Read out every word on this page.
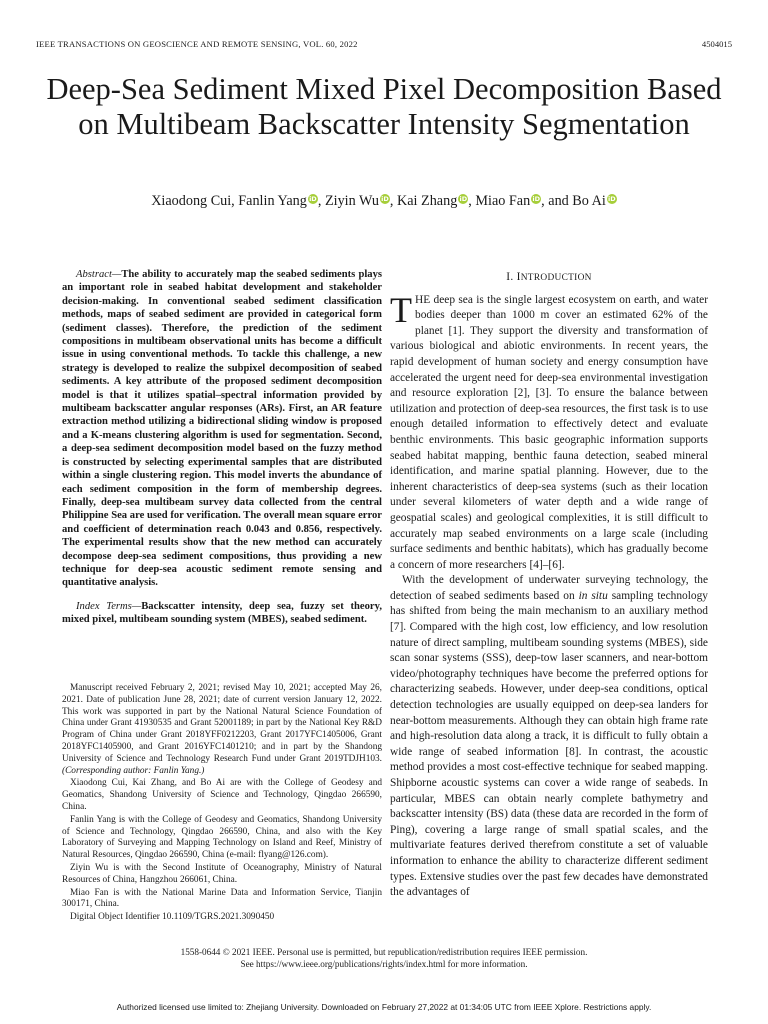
IEEE TRANSACTIONS ON GEOSCIENCE AND REMOTE SENSING, VOL. 60, 2022	4504015
Deep-Sea Sediment Mixed Pixel Decomposition Based on Multibeam Backscatter Intensity Segmentation
Xiaodong Cui, Fanlin Yang iD, Ziyin Wu iD, Kai Zhang iD, Miao Fan iD, and Bo Ai iD

Abstract—The ability to accurately map the seabed sediments plays an important role in seabed habitat development and stakeholder decision-making. In conventional seabed sediment classification methods, maps of seabed sediment are provided in categorical form (sediment classes). Therefore, the prediction of the sediment compositions in multibeam observational units has become a difficult issue in using conventional methods. To tackle this challenge, a new strategy is developed to realize the subpixel decomposition of seabed sediments. A key attribute of the proposed sediment decomposition model is that it utilizes spatial–spectral information provided by multibeam backscatter angular responses (ARs). First, an AR feature extraction method utilizing a bidirectional sliding window is proposed and a K-means clustering algorithm is used for segmentation. Second, a deep-sea sediment decomposition model based on the fuzzy method is constructed by selecting experimental samples that are distributed within a single clustering region. This model inverts the abundance of each sediment composition in the form of membership degrees. Finally, deep-sea multibeam survey data collected from the central Philippine Sea are used for verification. The overall mean square error and coefficient of determination reach 0.043 and 0.856, respectively. The experimental results show that the new method can accurately decompose deep-sea sediment compositions, thus providing a new technique for deep-sea acoustic sediment remote sensing and quantitative analysis.

Index Terms—Backscatter intensity, deep sea, fuzzy set theory, mixed pixel, multibeam sounding system (MBES), seabed sediment.

Manuscript received February 2, 2021; revised May 10, 2021; accepted May 26, 2021. Date of publication June 28, 2021; date of current version January 12, 2022. This work was supported in part by the National Natural Science Foundation of China under Grant 41930535 and Grant 52001189; in part by the National Key R&D Program of China under Grant 2018YFF0212203, Grant 2017YFC1405006, Grant 2018YFC1405900, and Grant 2016YFC1401210; and in part by the Shandong University of Science and Technology Research Fund under Grant 2019TDJH103. (Corresponding author: Fanlin Yang.)

Xiaodong Cui, Kai Zhang, and Bo Ai are with the College of Geodesy and Geomatics, Shandong University of Science and Technology, Qingdao 266590, China.

Fanlin Yang is with the College of Geodesy and Geomatics, Shandong University of Science and Technology, Qingdao 266590, China, and also with the Key Laboratory of Surveying and Mapping Technology on Island and Reef, Ministry of Natural Resources, Qingdao 266590, China (e-mail: flyang@126.com).

Ziyin Wu is with the Second Institute of Oceanography, Ministry of Natural Resources of China, Hangzhou 266061, China.

Miao Fan is with the National Marine Data and Information Service, Tianjin 300171, China.

Digital Object Identifier 10.1109/TGRS.2021.3090450

I. INTRODUCTION

THE deep sea is the single largest ecosystem on earth, and water bodies deeper than 1000 m cover an estimated 62% of the planet [1]. They support the diversity and transformation of various biological and abiotic environments. In recent years, the rapid development of human society and energy consumption have accelerated the urgent need for deep-sea environmental investigation and resource exploration [2], [3]. To ensure the balance between utilization and protection of deep-sea resources, the first task is to use enough detailed information to effectively detect and evaluate benthic environments. This basic geographic information supports seabed habitat mapping, benthic fauna detection, seabed mineral identification, and marine spatial planning. However, due to the inherent characteristics of deep-sea systems (such as their location under several kilometers of water depth and a wide range of geospatial scales) and geological complexities, it is still difficult to accurately map seabed environments on a large scale (including surface sediments and benthic habitats), which has gradually become a concern of more researchers [4]–[6].

With the development of underwater surveying technology, the detection of seabed sediments based on in situ sampling technology has shifted from being the main mechanism to an auxiliary method [7]. Compared with the high cost, low efficiency, and low resolution nature of direct sampling, multibeam sounding systems (MBES), side scan sonar systems (SSS), deep-tow laser scanners, and near-bottom video/photography techniques have become the preferred options for characterizing seabeds. However, under deep-sea conditions, optical detection technologies are usually equipped on deep-sea landers for near-bottom measurements. Although they can obtain high frame rate and high-resolution data along a track, it is difficult to fully obtain a wide range of seabed information [8]. In contrast, the acoustic method provides a most cost-effective technique for seabed mapping. Shipborne acoustic systems can cover a wide range of seabeds. In particular, MBES can obtain nearly complete bathymetry and backscatter intensity (BS) data (these data are recorded in the form of Ping), covering a large range of small spatial scales, and the multivariate features derived therefrom constitute a set of valuable information to enhance the ability to characterize different sediment types. Extensive studies over the past few decades have demonstrated the advantages of

1558-0644 © 2021 IEEE. Personal use is permitted, but republication/redistribution requires IEEE permission.
See https://www.ieee.org/publications/rights/index.html for more information.
Authorized licensed use limited to: Zhejiang University. Downloaded on February 27,2022 at 01:34:05 UTC from IEEE Xplore. Restrictions apply.
